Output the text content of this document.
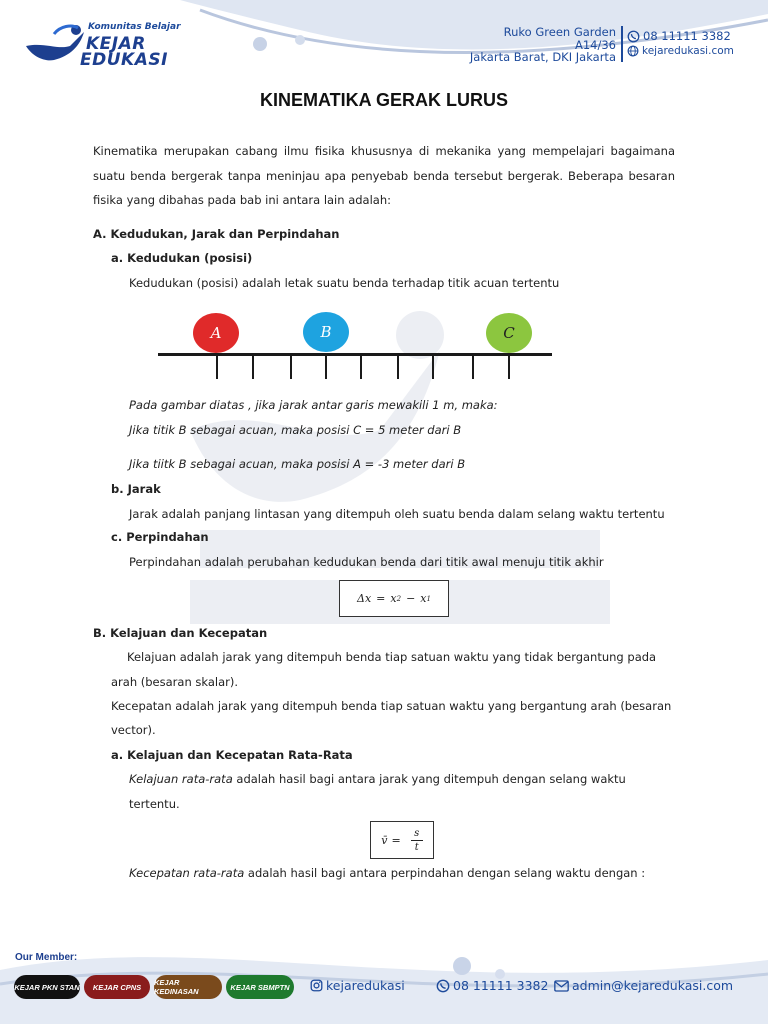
Komunitas Belajar
KEJAR
EDUKASI
Ruko Green Garden
A14/36
Jakarta Barat, DKI Jakarta
08 11111 3382
kejaredukasi.com
KINEMATIKA GERAK LURUS
Kinematika merupakan cabang ilmu fisika khususnya di mekanika yang mempelajari bagaimana
suatu benda bergerak tanpa meninjau apa penyebab benda tersebut bergerak. Beberapa besaran
fisika yang dibahas pada bab ini antara lain adalah:
A. Kedudukan, Jarak dan Perpindahan
a. Kedudukan (posisi)
Kedudukan (posisi) adalah letak suatu benda terhadap titik acuan tertentu
A	B	C
Pada gambar diatas , jika jarak antar garis mewakili 1 m, maka:
Jika titik B sebagai acuan, maka posisi C = 5 meter dari B
Jika tiitk B sebagai acuan, maka posisi A = -3 meter dari B
b. Jarak
Jarak adalah panjang lintasan yang ditempuh oleh suatu benda dalam selang waktu tertentu
c. Perpindahan
Perpindahan adalah perubahan kedudukan benda dari titik awal menuju titik akhir
Δx = x 2 − x 1
B. Kelajuan dan Kecepatan
Kelajuan adalah jarak yang ditempuh benda tiap satuan waktu yang tidak bergantung pada
arah (besaran skalar).
Kecepatan adalah jarak yang ditempuh benda tiap satuan waktu yang bergantung arah (besaran
vector).
a. Kelajuan dan Kecepatan Rata-Rata
Kelajuan rata-rata adalah hasil bagi antara jarak yang ditempuh dengan selang waktu
tertentu.
v̄ = $\frac{s}{t}$
Kecepatan rata-rata adalah hasil bagi antara perpindahan dengan selang waktu dengan :
Our Member:
KEJAR PKN STAN KEJAR CPNS KEJAR KEDINASAN	KEJAR SBMPTN	kejaredukasi	08 11111 3382 admin@kejaredukasi.com
